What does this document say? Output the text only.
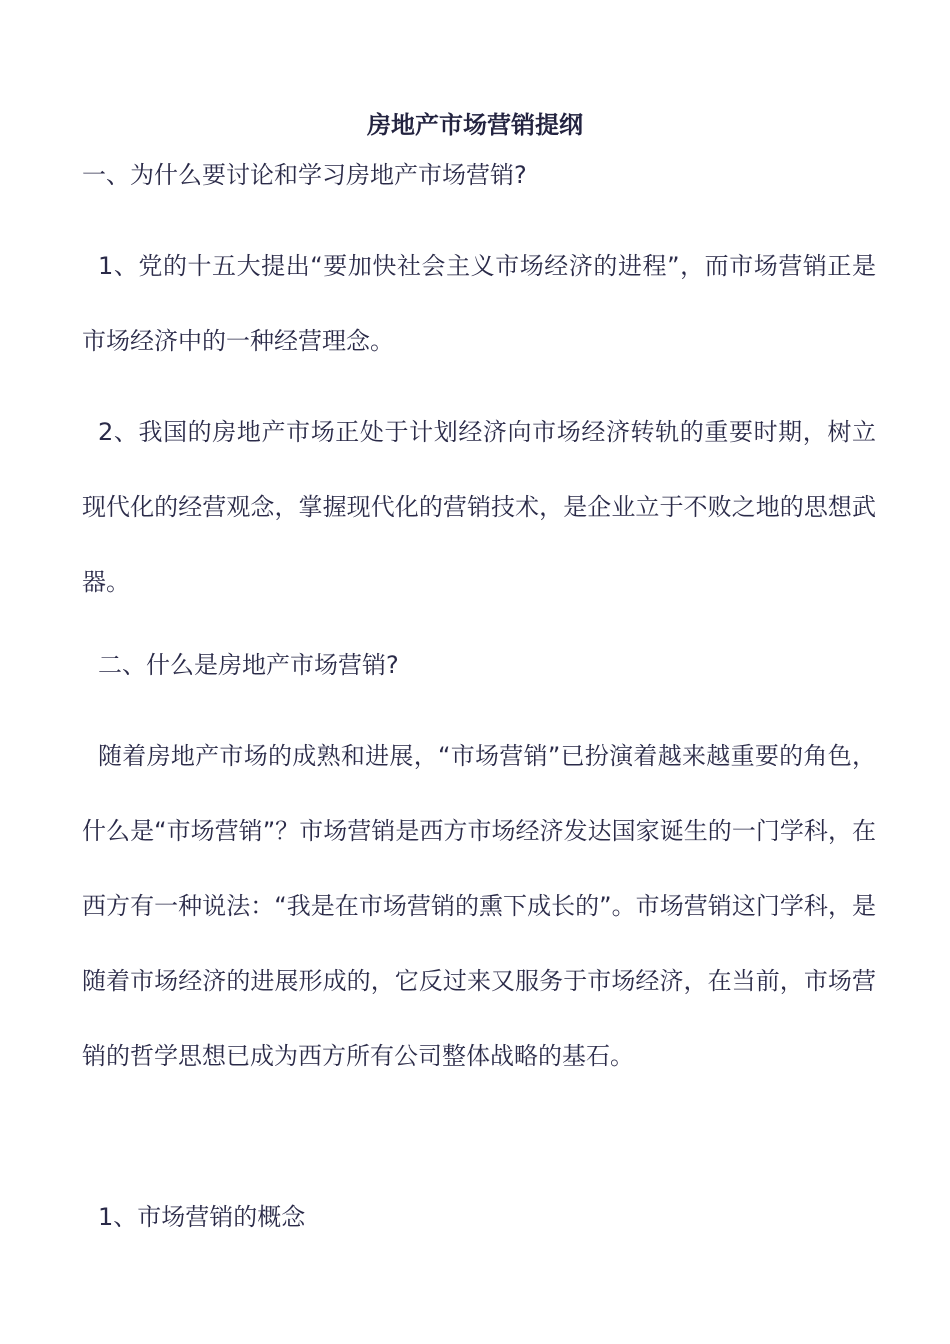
房地产市场营销提纲

一、为什么要讨论和学习房地产市场营销?

1、党的十五大提出“要加快社会主义市场经济的进程”，而市场营销正是市场经济中的一种经营理念。

2、我国的房地产市场正处于计划经济向市场经济转轨的重要时期，树立现代化的经营观念，掌握现代化的营销技术，是企业立于不败之地的思想武器。

二、什么是房地产市场营销?

随着房地产市场的成熟和进展，“市场营销”已扮演着越来越重要的角色，什么是“市场营销”？市场营销是西方市场经济发达国家诞生的一门学科，在西方有一种说法：“我是在市场营销的熏下成长的”。市场营销这门学科，是随着市场经济的进展形成的，它反过来又服务于市场经济，在当前，市场营销的哲学思想已成为西方所有公司整体战略的基石。

1、市场营销的概念
